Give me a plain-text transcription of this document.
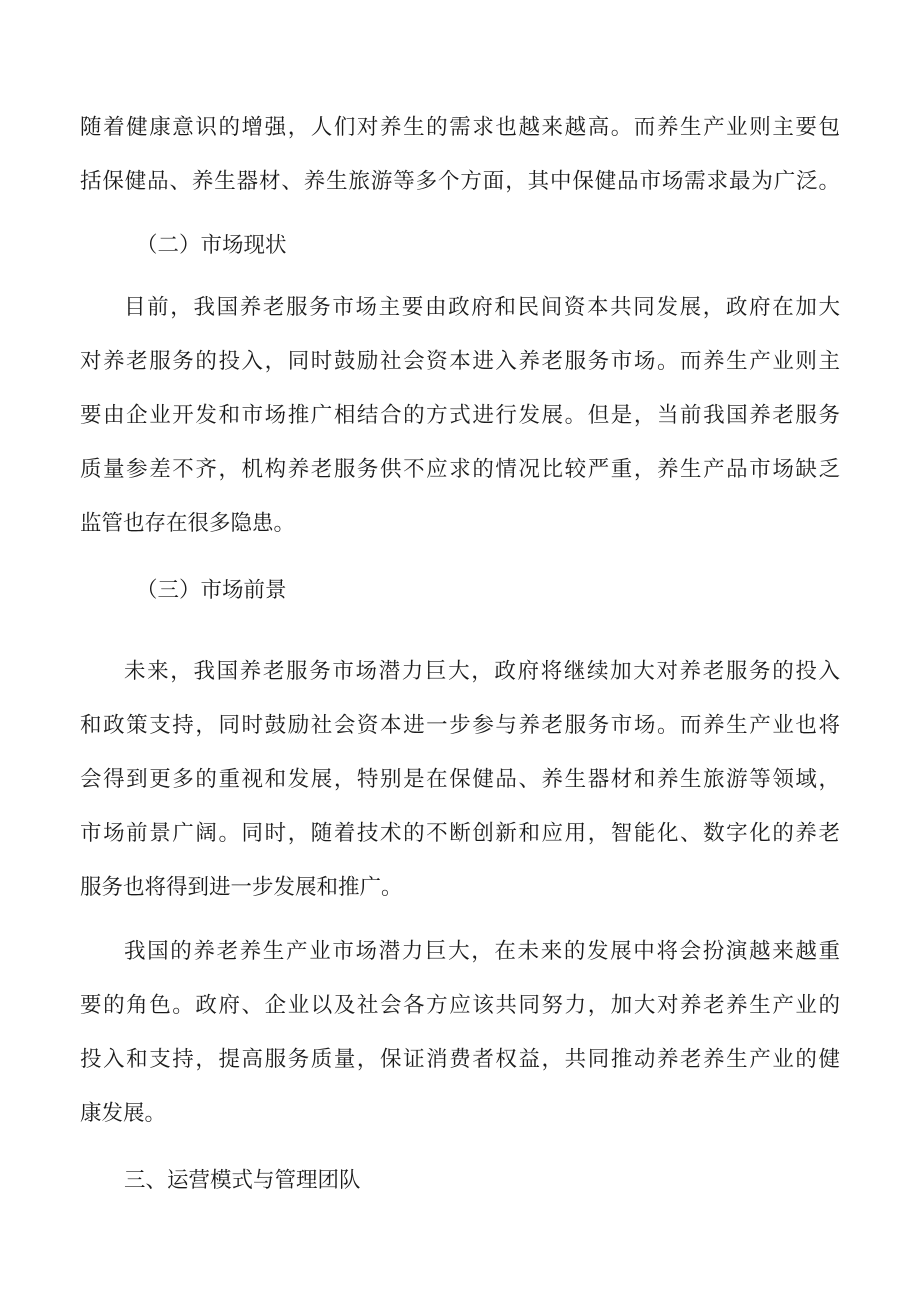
随着健康意识的增强，人们对养生的需求也越来越高。而养生产业则主要包
括保健品、养生器材、养生旅游等多个方面，其中保健品市场需求最为广泛。
（二）市场现状
目前，我国养老服务市场主要由政府和民间资本共同发展，政府在加大
对养老服务的投入，同时鼓励社会资本进入养老服务市场。而养生产业则主
要由企业开发和市场推广相结合的方式进行发展。但是，当前我国养老服务
质量参差不齐，机构养老服务供不应求的情况比较严重，养生产品市场缺乏
监管也存在很多隐患。
（三）市场前景
未来，我国养老服务市场潜力巨大，政府将继续加大对养老服务的投入
和政策支持，同时鼓励社会资本进一步参与养老服务市场。而养生产业也将
会得到更多的重视和发展，特别是在保健品、养生器材和养生旅游等领域，
市场前景广阔。同时，随着技术的不断创新和应用，智能化、数字化的养老
服务也将得到进一步发展和推广。
我国的养老养生产业市场潜力巨大，在未来的发展中将会扮演越来越重
要的角色。政府、企业以及社会各方应该共同努力，加大对养老养生产业的
投入和支持，提高服务质量，保证消费者权益，共同推动养老养生产业的健
康发展。
三、运营模式与管理团队
